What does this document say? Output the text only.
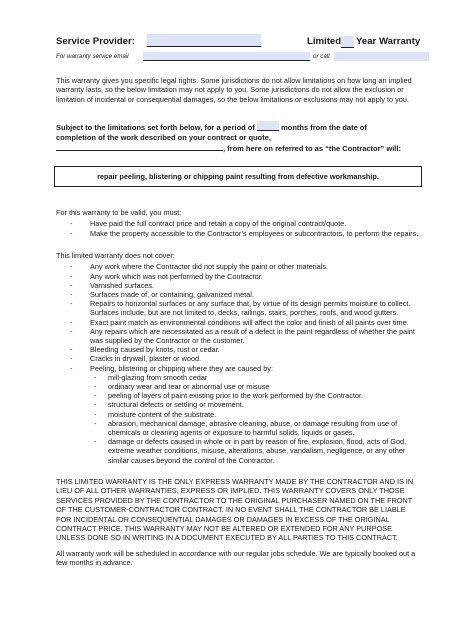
Service Provider:	Limited Year Warranty
For warranty service email	or call

This warranty gives you specific legal rights. Some jurisdictions do not allow limitations on how long an implied warranty lasts, so the below limitation may not apply to you. Some jurisdictions do not allow the exclusion or limitation of incidental or consequential damages, so the below limitations or exclusions may not apply to you.

Subject to the limitations set forth below, for a period of	months from the date of
completion of the work described on your contract or quote,
, from here on referred to as “the Contractor” will:
repair peeling, blistering or chipping paint resulting from defective workmanship.
For this warranty to be valid, you must:
- Have paid the full contract price and retain a copy of the original contract/quote.
- Make the property accessible to the Contractor’s employees or subcontractors, to perform the repairs.
This limited warranty does not cover:
- Any work where the Contractor did not supply the paint or other materials.
- Any work which was not performed by the Contractor.
- Varnished surfaces.
- Surfaces made of, or containing, galvanized metal.
- Repairs to horizontal surfaces or any surface that, by virtue of its design permits moisture to collect. Surfaces include, but are not limited to, decks, railings, stairs, porches, roofs, and wood gutters.
- Exact paint match as environmental conditions will affect the color and finish of all paints over time.
- Any repairs which are necessitated as a result of a defect in the paint regardless of whether the paint was supplied by the Contractor or the customer.
- Bleeding caused by knots, rust or cedar.
- Cracks in drywall, plaster or wood.
- Peeling, blistering or chipping where they are caused by:
- mill-glazing from smooth cedar
- ordinary wear and tear or abnormal use or misuse
- peeling of layers of paint existing prior to the work performed by the Contractor.
- structural defects or settling or movement.
- moisture content of the substrate.
- abrasion, mechanical damage, abrasive cleaning, abuse, or damage resulting from use of chemicals or cleaning agents or exposure to harmful solids, liquids or gases.
- damage or defects caused in whole or in part by reason of fire, explosion, flood, acts of God, extreme weather conditions, misuse, alterations, abuse, vandalism, negligence, or any other similar causes beyond the control of the Contractor.

THIS LIMITED WARRANTY IS THE ONLY EXPRESS WARRANTY MADE BY THE CONTRACTOR AND IS IN LIEU OF ALL OTHER WARRANTIES, EXPRESS OR IMPLIED. THIS WARRANTY COVERS ONLY THOSE SERVICES PROVIDED BY THE CONTRACTOR TO THE ORIGINAL PURCHASER NAMED ON THE FRONT OF THE CUSTOMER-CONTRACTOR CONTRACT. IN NO EVENT SHALL THE CONTRACTOR BE LIABLE FOR INCIDENTAL OR CONSEQUENTIAL DAMAGES OR DAMAGES IN EXCESS OF THE ORIGINAL CONTRACT PRICE. THIS WARRANTY MAY NOT BE ALTERED OR EXTENDED FOR ANY PURPOSE UNLESS DONE SO IN WRITING IN A DOCUMENT EXECUTED BY ALL PARTIES TO THIS CONTRACT.

All warranty work will be scheduled in accordance with our regular jobs schedule. We are typically booked out a few months in advance.
